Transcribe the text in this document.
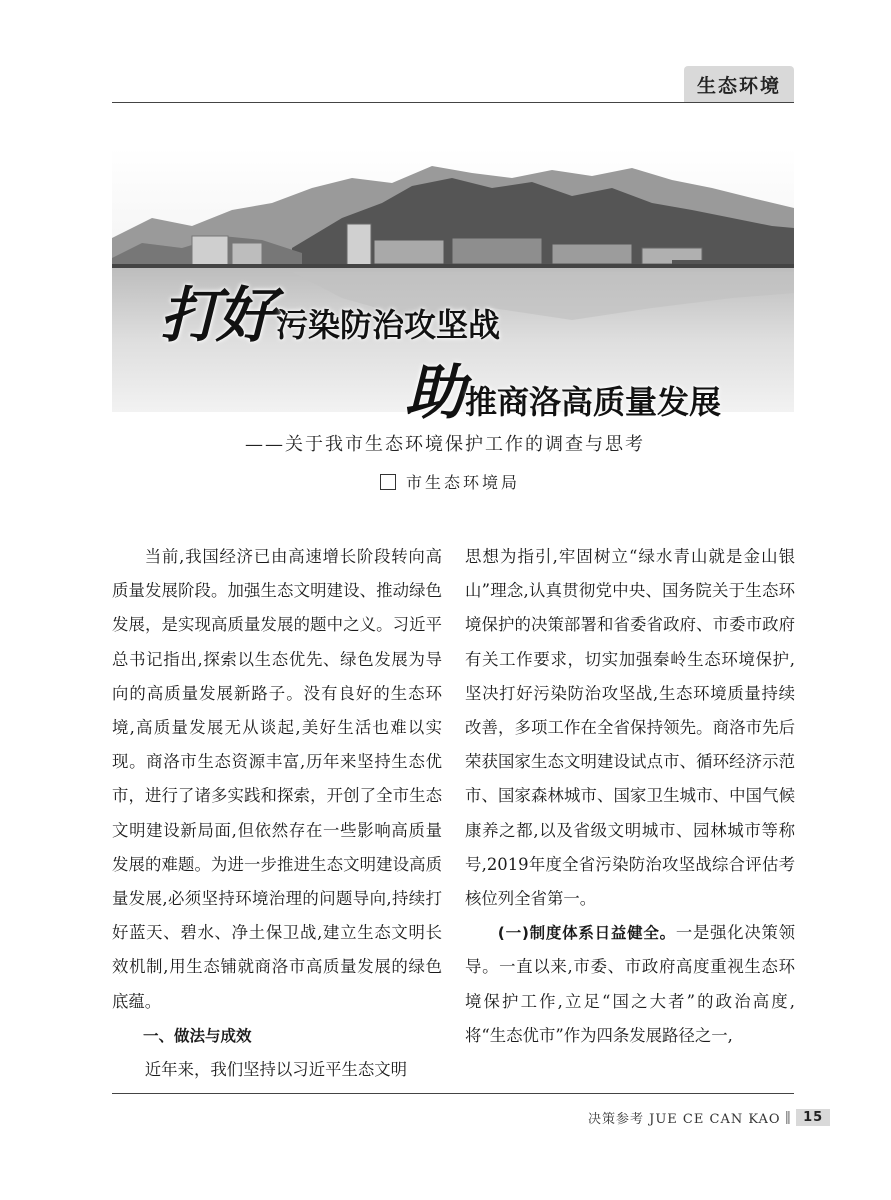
生态环境
打好 污染防治攻坚战
助 推商洛高质量发展
——关于我市生态环境保护工作的调查与思考
市生态环境局

当前,我国经济已由高速增长阶段转向高质量发展阶段。加强生态文明建设、推动绿色发展，是实现高质量发展的题中之义。习近平总书记指出,探索以生态优先、绿色发展为导向的高质量发展新路子。没有良好的生态环境,高质量发展无从谈起,美好生活也难以实现。商洛市生态资源丰富,历年来坚持生态优市，进行了诸多实践和探索，开创了全市生态文明建设新局面,但依然存在一些影响高质量发展的难题。为进一步推进生态文明建设高质量发展,必须坚持环境治理的问题导向,持续打好蓝天、碧水、净土保卫战,建立生态文明长效机制,用生态铺就商洛市高质量发展的绿色底蕴。

一、做法与成效

近年来，我们坚持以习近平生态文明

思想为指引,牢固树立“绿水青山就是金山银山”理念,认真贯彻党中央、国务院关于生态环境保护的决策部署和省委省政府、市委市政府有关工作要求，切实加强秦岭生态环境保护,坚决打好污染防治攻坚战,生态环境质量持续改善，多项工作在全省保持领先。商洛市先后荣获国家生态文明建设试点市、循环经济示范市、国家森林城市、国家卫生城市、中国气候康养之都,以及省级文明城市、园林城市等称号,2019年度全省污染防治攻坚战综合评估考核位列全省第一。

(一)制度体系日益健全。一是强化决策领导。一直以来,市委、市政府高度重视生态环境保护工作,立足“国之大者”的政治高度,将“生态优市”作为四条发展路径之一,

决策参考 JUE CE CAN KAO ‖ 15
